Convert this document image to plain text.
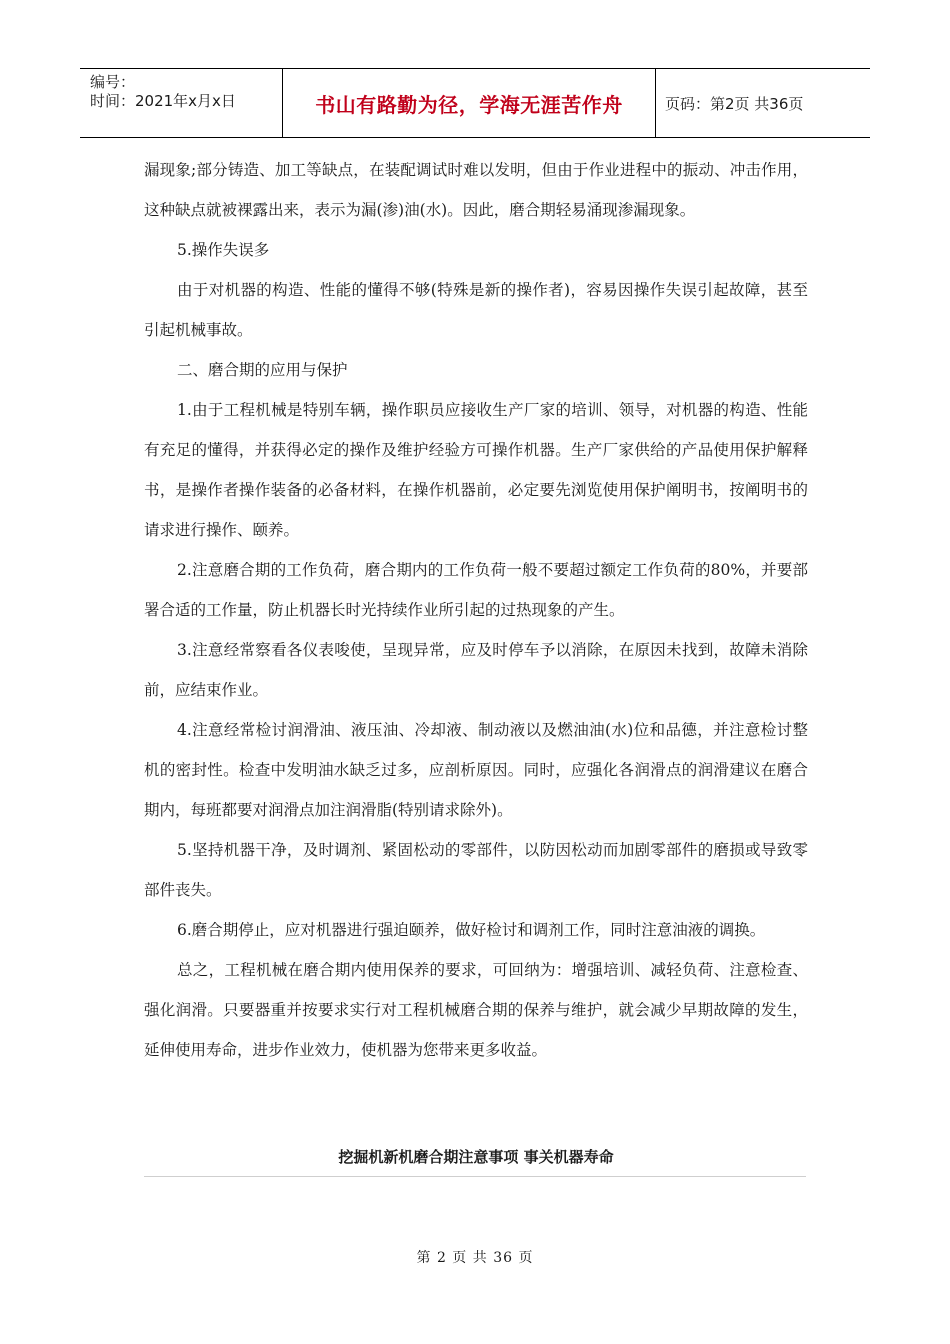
编号：
时间：2021年x月x日	书山有路勤为径，学海无涯苦作舟	页码：第2页 共36页

漏现象;部分铸造、加工等缺点，在装配调试时难以发明，但由于作业进程中的振动、冲击作用，这种缺点就被裸露出来，表示为漏(渗)油(水)。因此，磨合期轻易涌现渗漏现象。

5.操作失误多

由于对机器的构造、性能的懂得不够(特殊是新的操作者)，容易因操作失误引起故障，甚至引起机械事故。

二、磨合期的应用与保护

1.由于工程机械是特别车辆，操作职员应接收生产厂家的培训、领导，对机器的构造、性能有充足的懂得，并获得必定的操作及维护经验方可操作机器。生产厂家供给的产品使用保护解释书，是操作者操作装备的必备材料，在操作机器前，必定要先浏览使用保护阐明书，按阐明书的请求进行操作、颐养。

2.注意磨合期的工作负荷，磨合期内的工作负荷一般不要超过额定工作负荷的80%，并要部署合适的工作量，防止机器长时光持续作业所引起的过热现象的产生。

3.注意经常察看各仪表唆使，呈现异常，应及时停车予以消除，在原因未找到，故障未消除前，应结束作业。

4.注意经常检讨润滑油、液压油、冷却液、制动液以及燃油油(水)位和品德，并注意检讨整机的密封性。检查中发明油水缺乏过多，应剖析原因。同时，应强化各润滑点的润滑建议在磨合期内，每班都要对润滑点加注润滑脂(特别请求除外)。

5.坚持机器干净，及时调剂、紧固松动的零部件，以防因松动而加剧零部件的磨损或导致零部件丧失。

6.磨合期停止，应对机器进行强迫颐养，做好检讨和调剂工作，同时注意油液的调换。

总之，工程机械在磨合期内使用保养的要求，可回纳为：增强培训、减轻负荷、注意检查、强化润滑。只要器重并按要求实行对工程机械磨合期的保养与维护，就会减少早期故障的发生，延伸使用寿命，进步作业效力，使机器为您带来更多收益。

挖掘机新机磨合期注意事项 事关机器寿命
第 2 页 共 36 页
